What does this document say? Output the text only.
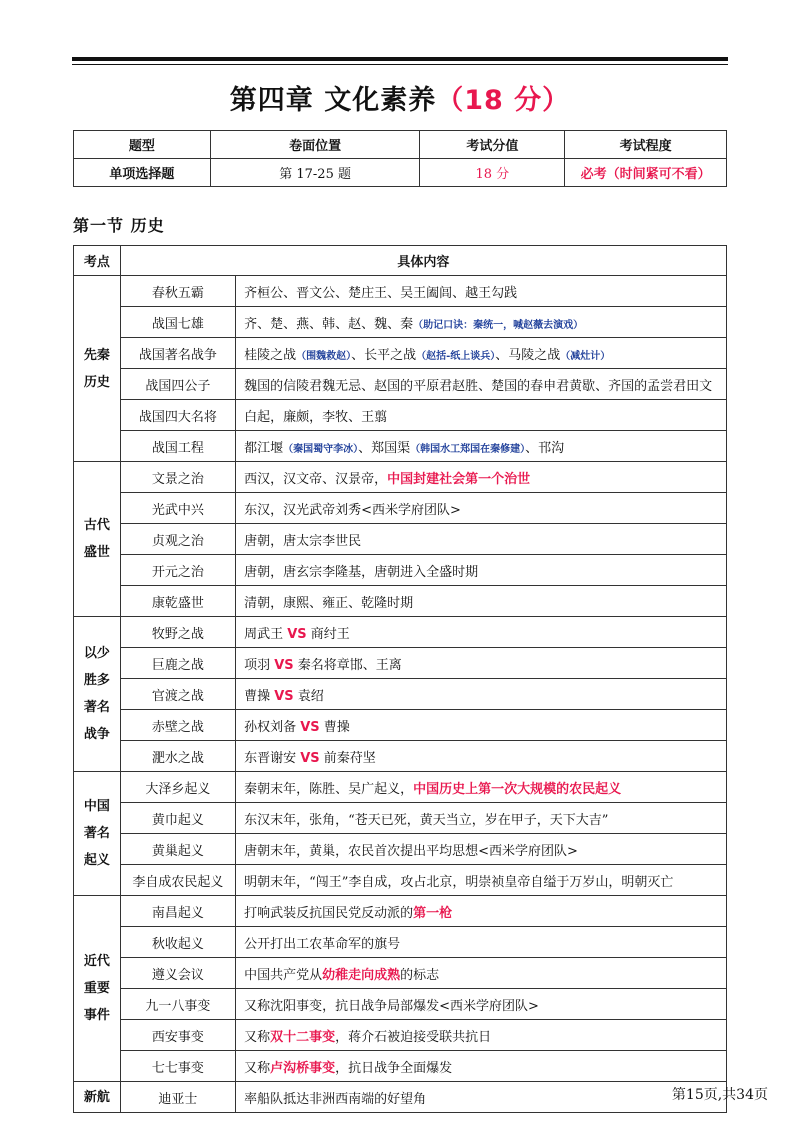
第四章 文化素养（18 分）
题型	卷面位置	考试分值	考试程度
单项选择题	第 17-25 题	18 分	必考（时间紧可不看）
第一节 历史
考点	具体内容	
先秦
历史	春秋五霸	齐桓公、晋文公、楚庄王、吴王阖闾、越王勾践
	战国七雄	齐、楚、燕、韩、赵、魏、秦（助记口诀：秦统一，喊赵薇去演戏）
	战国著名战争	桂陵之战（围魏救赵）、长平之战（赵括-纸上谈兵）、马陵之战（减灶计）
	战国四公子	魏国的信陵君魏无忌、赵国的平原君赵胜、楚国的春申君黄歇、齐国的孟尝君田文
	战国四大名将	白起，廉颇，李牧、王翦
	战国工程	都江堰（秦国蜀守李冰）、郑国渠（韩国水工郑国在秦修建）、邗沟
古代
盛世	文景之治	西汉，汉文帝、汉景帝，中国封建社会第一个治世
	光武中兴	东汉，汉光武帝刘秀<西米学府团队>
	贞观之治	唐朝，唐太宗李世民
	开元之治	唐朝，唐玄宗李隆基，唐朝进入全盛时期
	康乾盛世	清朝，康熙、雍正、乾隆时期
以少
胜多
著名
战争	牧野之战	周武王 VS 商纣王
	巨鹿之战	项羽 VS 秦名将章邯、王离
	官渡之战	曹操 VS 袁绍
	赤壁之战	孙权刘备 VS 曹操
	淝水之战	东晋谢安 VS 前秦苻坚
中国
著名
起义	大泽乡起义	秦朝末年，陈胜、吴广起义，中国历史上第一次大规模的农民起义
	黄巾起义	东汉末年，张角，“苍天已死，黄天当立，岁在甲子，天下大吉”
	黄巢起义	唐朝末年，黄巢，农民首次提出平均思想<西米学府团队>
	李自成农民起义	明朝末年，“闯王”李自成，攻占北京，明崇祯皇帝自缢于万岁山，明朝灭亡
近代
重要
事件	南昌起义	打响武装反抗国民党反动派的第一枪
	秋收起义	公开打出工农革命军的旗号
	遵义会议	中国共产党从幼稚走向成熟的标志
	九一八事变	又称沈阳事变，抗日战争局部爆发<西米学府团队>
	西安事变	又称双十二事变，蒋介石被迫接受联共抗日
	七七事变	又称卢沟桥事变，抗日战争全面爆发
新航	迪亚士	率船队抵达非洲西南端的好望角	第15页,共34页
